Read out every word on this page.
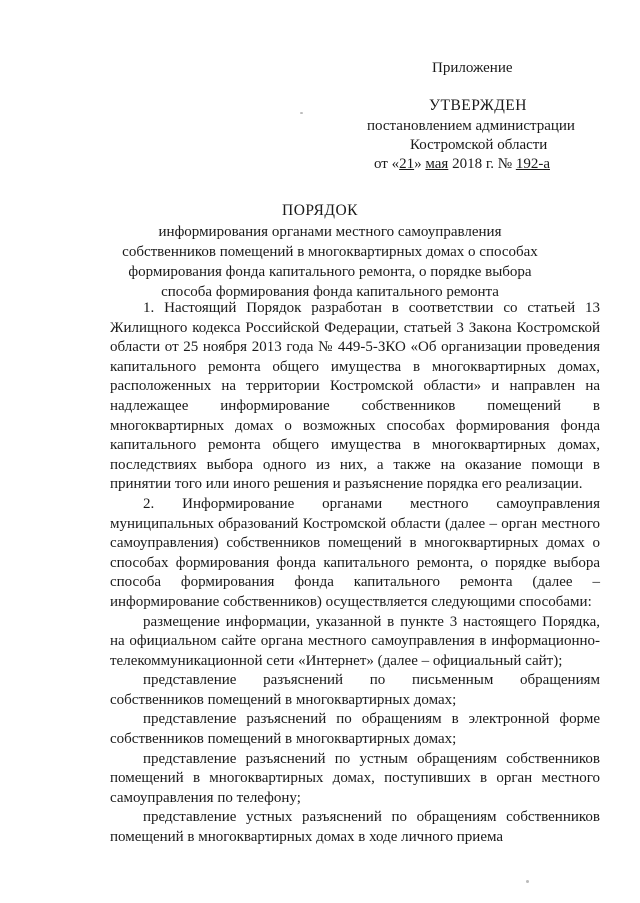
Приложение
УТВЕРЖДЕН
постановлением администрации
Костромской области
от «21» мая 2018 г. № 192-а
ПОРЯДОК
информирования органами местного самоуправления собственников помещений в многоквартирных домах о способах формирования фонда капитального ремонта, о порядке выбора способа формирования фонда капитального ремонта

1. Настоящий Порядок разработан в соответствии со статьей 13 Жилищного кодекса Российской Федерации, статьей 3 Закона Костромской области от 25 ноября 2013 года № 449-5-ЗКО «Об организации проведения капитального ремонта общего имущества в многоквартирных домах, расположенных на территории Костромской области» и направлен на надлежащее информирование собственников помещений в многоквартирных домах о возможных способах формирования фонда капитального ремонта общего имущества в многоквартирных домах, последствиях выбора одного из них, а также на оказание помощи в принятии того или иного решения и разъяснение порядка его реализации.

2. Информирование органами местного самоуправления муниципальных образований Костромской области (далее – орган местного самоуправления) собственников помещений в многоквартирных домах о способах формирования фонда капитального ремонта, о порядке выбора способа формирования фонда капитального ремонта (далее – информирование собственников) осуществляется следующими способами:

размещение информации, указанной в пункте 3 настоящего Порядка, на официальном сайте органа местного самоуправления в информационно-телекоммуникационной сети «Интернет» (далее – официальный сайт);

представление разъяснений по письменным обращениям собственников помещений в многоквартирных домах;

представление разъяснений по обращениям в электронной форме собственников помещений в многоквартирных домах;

представление разъяснений по устным обращениям собственников помещений в многоквартирных домах, поступивших в орган местного самоуправления по телефону;

представление устных разъяснений по обращениям собственников помещений в многоквартирных домах в ходе личного приема
